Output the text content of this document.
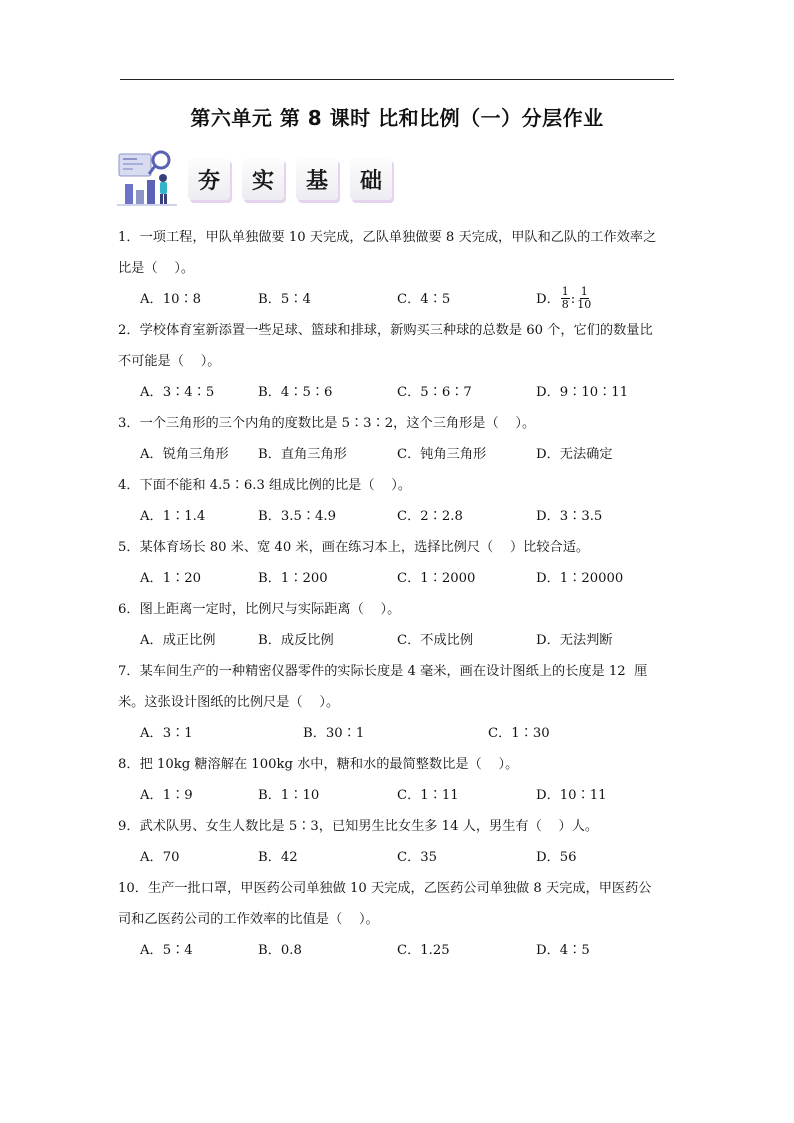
第六单元 第 8 课时 比和比例（一）分层作业
夯	实	基	础
1．一项工程，甲队单独做要 10 天完成，乙队单独做要 8 天完成，甲队和乙队的工作效率之
比是（    ）。
A．10∶8	B．5∶4	C．4∶5	D． $\frac{1}{8}$ : $\frac{1}{10}$
2．学校体育室新添置一些足球、篮球和排球，新购买三种球的总数是 60 个，它们的数量比
不可能是（    ）。
A．3∶4∶5	B．4∶5∶6	C．5∶6∶7	D．9∶10∶11
3．一个三角形的三个内角的度数比是 5∶3∶2，这个三角形是（    ）。
A．锐角三角形 B．直角三角形	C．钝角三角形	D．无法确定
4．下面不能和 4.5∶6.3 组成比例的比是（    ）。
A．1∶1.4	B．3.5∶4.9	C．2∶2.8	D．3∶3.5
5．某体育场长 80 米、宽 40 米，画在练习本上，选择比例尺（    ）比较合适。
A．1∶20	B．1∶200	C．1∶2000	D．1∶20000
6．图上距离一定时，比例尺与实际距离（    ）。
A．成正比例	B．成反比例	C．不成比例	D．无法判断
7．某车间生产的一种精密仪器零件的实际长度是 4 毫米，画在设计图纸上的长度是 12  厘
米。这张设计图纸的比例尺是（    ）。
A．3∶1	B．30∶1	C．1∶30
8．把 10kg 糖溶解在 100kg 水中，糖和水的最简整数比是（    ）。
A．1∶9	B．1∶10	C．1∶11	D．10∶11
9．武术队男、女生人数比是 5∶3，已知男生比女生多 14 人，男生有（    ）人。
A．70	B．42	C．35	D．56
10．生产一批口罩，甲医药公司单独做 10 天完成，乙医药公司单独做 8 天完成，甲医药公
司和乙医药公司的工作效率的比值是（    ）。
A．5∶4	B．0.8	C．1.25	D．4∶5
